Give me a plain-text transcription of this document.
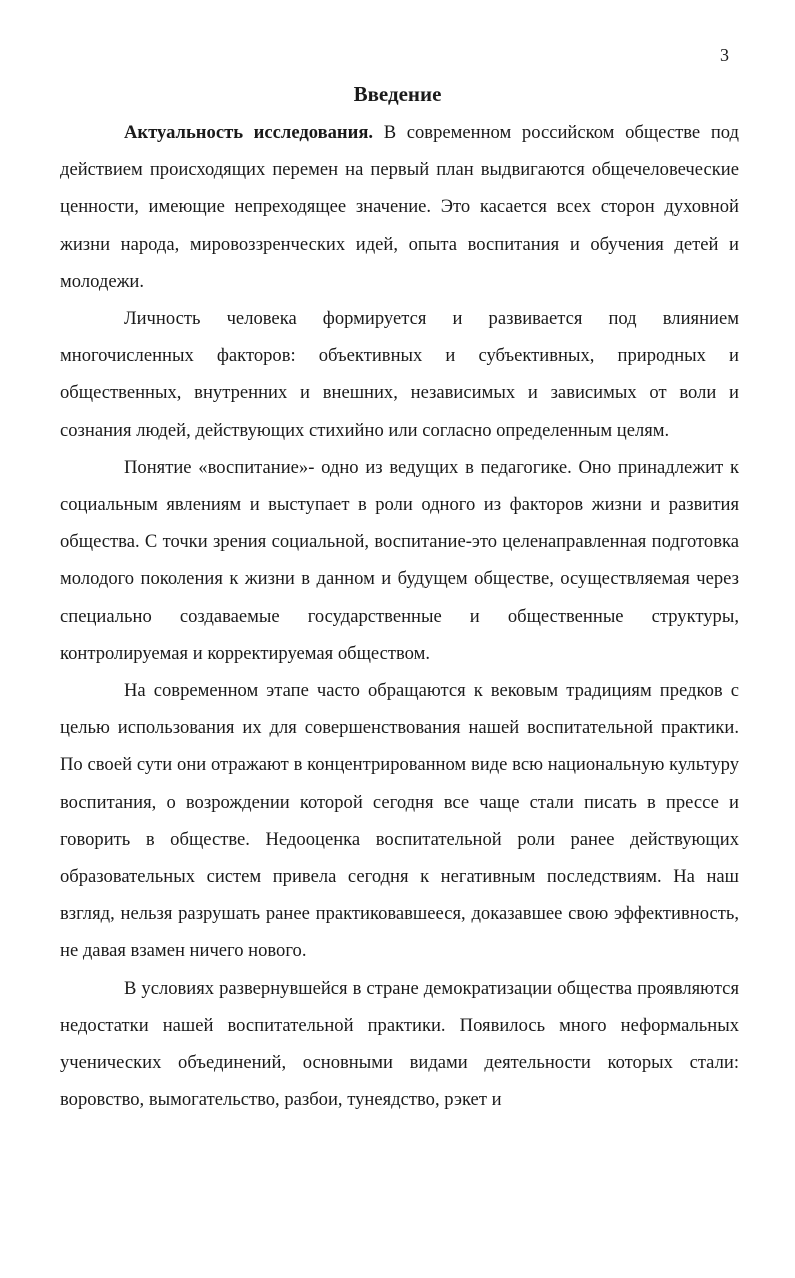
3
Введение

Актуальность исследования. В современном российском обществе под действием происходящих перемен на первый план выдвигаются общечеловеческие ценности, имеющие непреходящее значение. Это касается всех сторон духовной жизни народа, мировоззренческих идей, опыта воспитания и обучения детей и молодежи.

Личность человека формируется и развивается под влиянием многочисленных факторов: объективных и субъективных, природных и общественных, внутренних и внешних, независимых и зависимых от воли и сознания людей, действующих стихийно или согласно определенным целям.

Понятие «воспитание»- одно из ведущих в педагогике. Оно принадлежит к социальным явлениям и выступает в роли одного из факторов жизни и развития общества. С точки зрения социальной, воспитание-это целенаправленная подготовка молодого поколения к жизни в данном и будущем обществе, осуществляемая через специально создаваемые государственные и общественные структуры, контролируемая и корректируемая обществом.

На современном этапе часто обращаются к вековым традициям предков с целью использования их для совершенствования нашей воспитательной практики. По своей сути они отражают в концентрированном виде всю национальную культуру воспитания, о возрождении которой сегодня все чаще стали писать в прессе и говорить в обществе. Недооценка воспитательной роли ранее действующих образовательных систем привела сегодня к негативным последствиям. На наш взгляд, нельзя разрушать ранее практиковавшееся, доказавшее свою эффективность, не давая взамен ничего нового.

В условиях развернувшейся в стране демократизации общества проявляются недостатки нашей воспитательной практики. Появилось много неформальных ученических объединений, основными видами деятельности которых стали: воровство, вымогательство, разбои, тунеядство, рэкет и
